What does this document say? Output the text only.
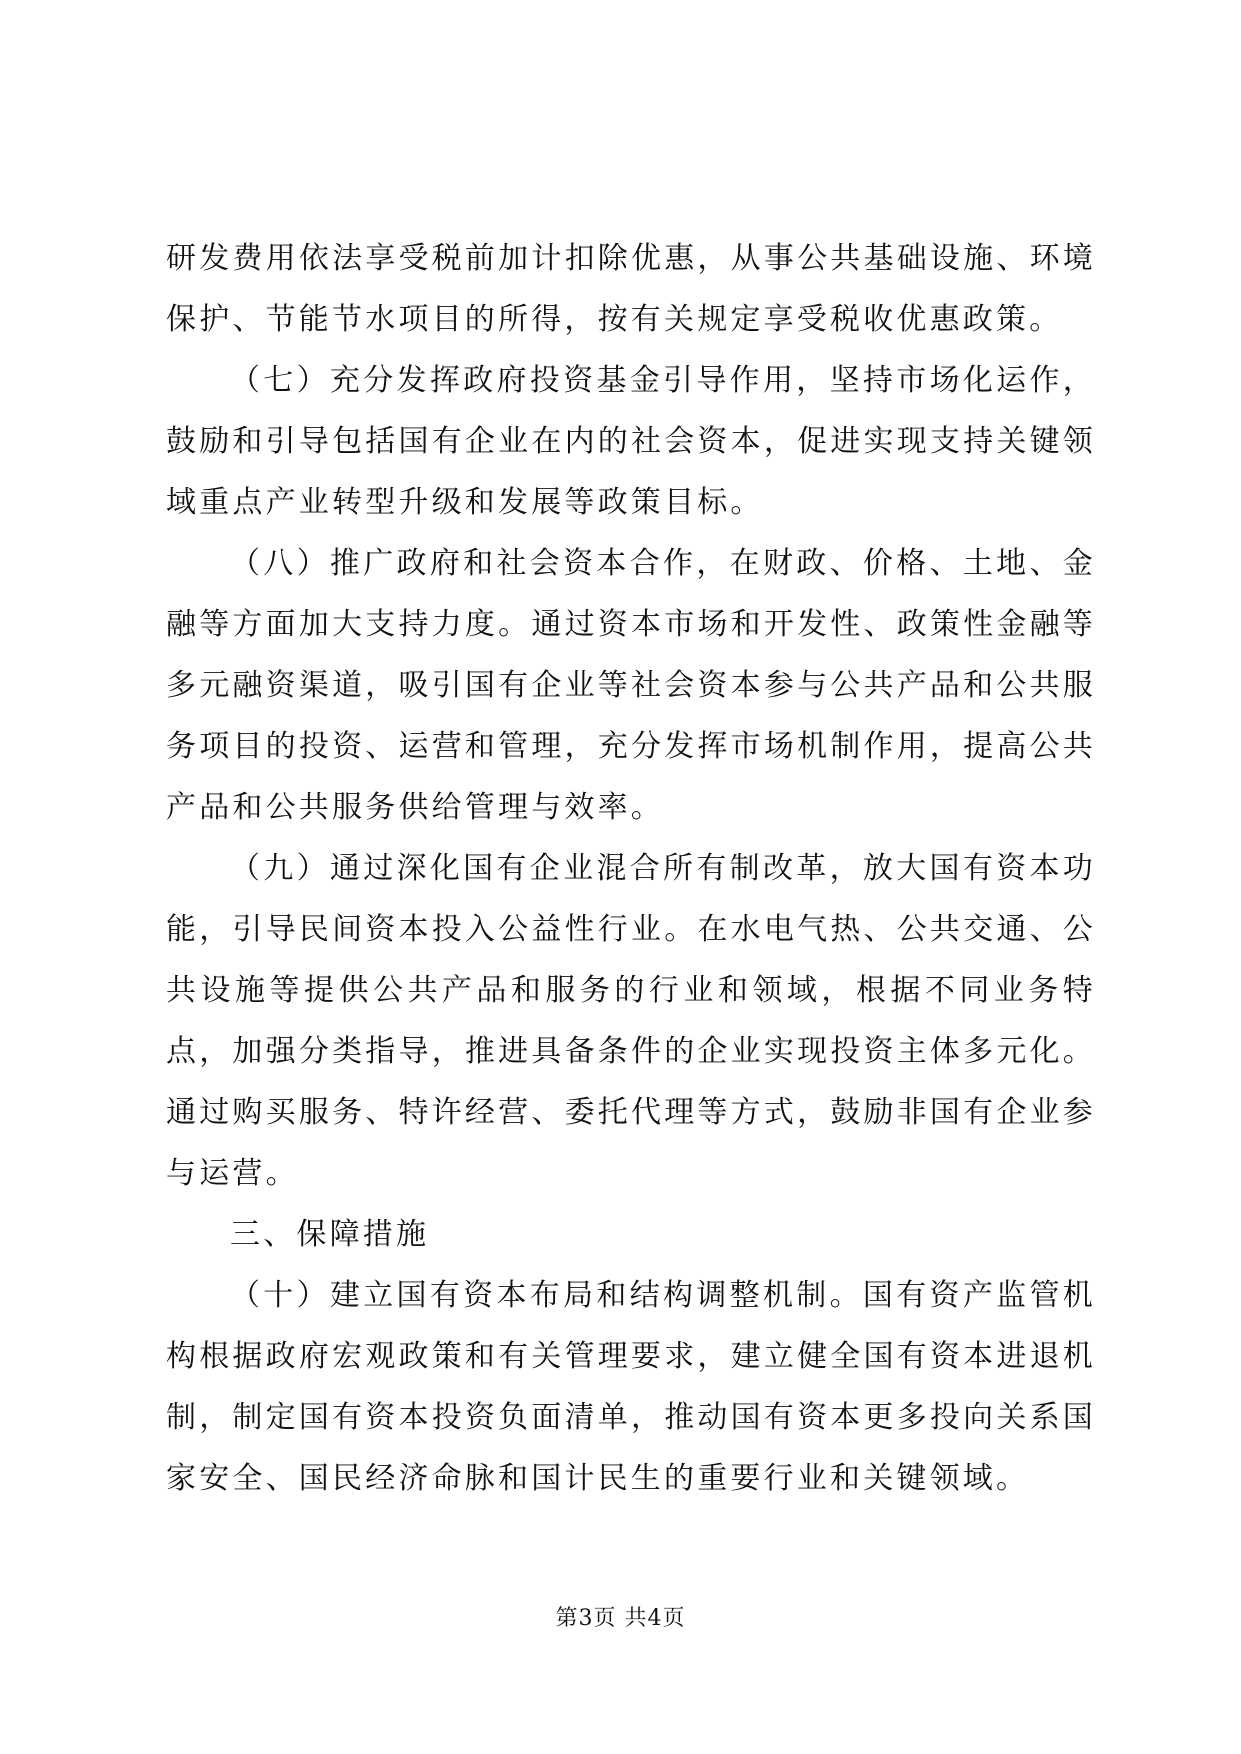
研发费用依法享受税前加计扣除优惠，从事公共基础设施、环境保护、节能节水项目的所得，按有关规定享受税收优惠政策。

（七）充分发挥政府投资基金引导作用，坚持市场化运作，鼓励和引导包括国有企业在内的社会资本，促进实现支持关键领域重点产业转型升级和发展等政策目标。

（八）推广政府和社会资本合作，在财政、价格、土地、金融等方面加大支持力度。通过资本市场和开发性、政策性金融等多元融资渠道，吸引国有企业等社会资本参与公共产品和公共服务项目的投资、运营和管理，充分发挥市场机制作用，提高公共产品和公共服务供给管理与效率。

（九）通过深化国有企业混合所有制改革，放大国有资本功能，引导民间资本投入公益性行业。在水电气热、公共交通、公共设施等提供公共产品和服务的行业和领域，根据不同业务特点，加强分类指导，推进具备条件的企业实现投资主体多元化。通过购买服务、特许经营、委托代理等方式，鼓励非国有企业参与运营。

三、保障措施

（十）建立国有资本布局和结构调整机制。国有资产监管机构根据政府宏观政策和有关管理要求，建立健全国有资本进退机制，制定国有资本投资负面清单，推动国有资本更多投向关系国家安全、国民经济命脉和国计民生的重要行业和关键领域。

第3页 共4页
